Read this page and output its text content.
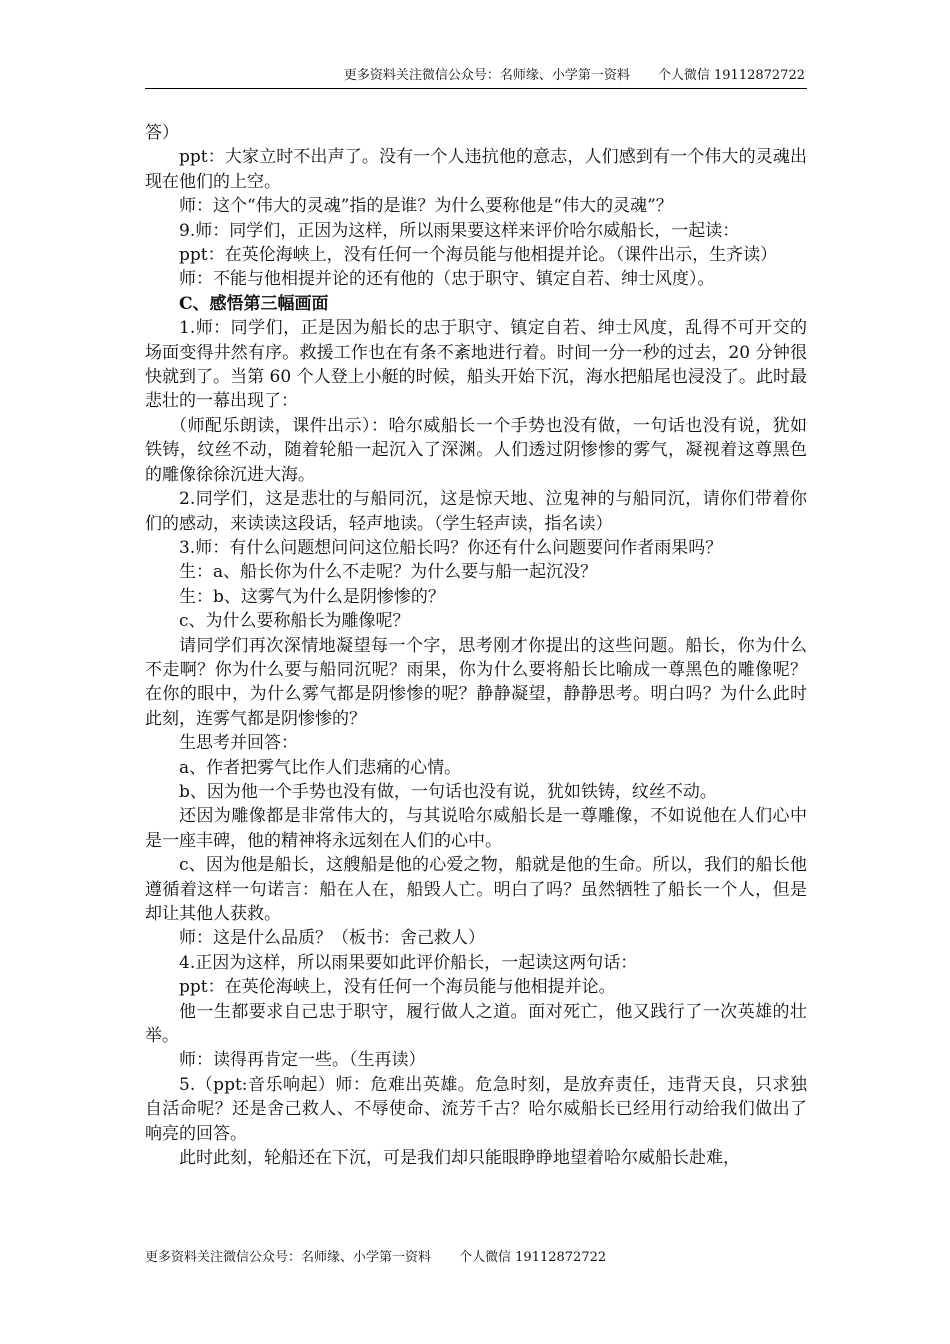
更多资料关注微信公众号：名师缘、小学第一资料 个人微信 19112872722

答）

ppt：大家立时不出声了。没有一个人违抗他的意志，人们感到有一个伟大的灵魂出现在他们的上空。

师：这个“伟大的灵魂”指的是谁？为什么要称他是“伟大的灵魂”？

9.师：同学们，正因为这样，所以雨果要这样来评价哈尔威船长，一起读：

ppt：在英伦海峡上，没有任何一个海员能与他相提并论。（课件出示，生齐读）

师：不能与他相提并论的还有他的（忠于职守、镇定自若、绅士风度）。

C、感悟第三幅画面

1.师：同学们，正是因为船长的忠于职守、镇定自若、绅士风度，乱得不可开交的场面变得井然有序。救援工作也在有条不紊地进行着。时间一分一秒的过去，20 分钟很快就到了。当第 60 个人登上小艇的时候，船头开始下沉，海水把船尾也浸没了。此时最悲壮的一幕出现了：

（师配乐朗读，课件出示）：哈尔威船长一个手势也没有做，一句话也没有说，犹如铁铸，纹丝不动，随着轮船一起沉入了深渊。人们透过阴惨惨的雾气，凝视着这尊黑色的雕像徐徐沉进大海。

2.同学们，这是悲壮的与船同沉，这是惊天地、泣鬼神的与船同沉，请你们带着你们的感动，来读读这段话，轻声地读。（学生轻声读，指名读）

3.师：有什么问题想问问这位船长吗？你还有什么问题要问作者雨果吗？

生：a、船长你为什么不走呢？为什么要与船一起沉没？

生：b、这雾气为什么是阴惨惨的？

c、为什么要称船长为雕像呢？

请同学们再次深情地凝望每一个字，思考刚才你提出的这些问题。船长，你为什么不走啊？你为什么要与船同沉呢？雨果，你为什么要将船长比喻成一尊黑色的雕像呢？在你的眼中，为什么雾气都是阴惨惨的呢？静静凝望，静静思考。明白吗？为什么此时此刻，连雾气都是阴惨惨的？

生思考并回答：

a、作者把雾气比作人们悲痛的心情。

b、因为他一个手势也没有做，一句话也没有说，犹如铁铸，纹丝不动。

还因为雕像都是非常伟大的，与其说哈尔威船长是一尊雕像，不如说他在人们心中是一座丰碑，他的精神将永远刻在人们的心中。

c、因为他是船长，这艘船是他的心爱之物，船就是他的生命。所以，我们的船长他遵循着这样一句诺言：船在人在，船毁人亡。明白了吗？虽然牺牲了船长一个人，但是却让其他人获救。

师：这是什么品质？（板书：舍己救人）

4.正因为这样，所以雨果要如此评价船长，一起读这两句话：

ppt：在英伦海峡上，没有任何一个海员能与他相提并论。

他一生都要求自己忠于职守，履行做人之道。面对死亡，他又践行了一次英雄的壮举。

师：读得再肯定一些。（生再读）

5.（ppt:音乐响起）师：危难出英雄。危急时刻，是放弃责任，违背天良，只求独自活命呢？还是舍己救人、不辱使命、流芳千古？哈尔威船长已经用行动给我们做出了响亮的回答。

此时此刻，轮船还在下沉，可是我们却只能眼睁睁地望着哈尔威船长赴难，

更多资料关注微信公众号：名师缘、小学第一资料 个人微信 19112872722
